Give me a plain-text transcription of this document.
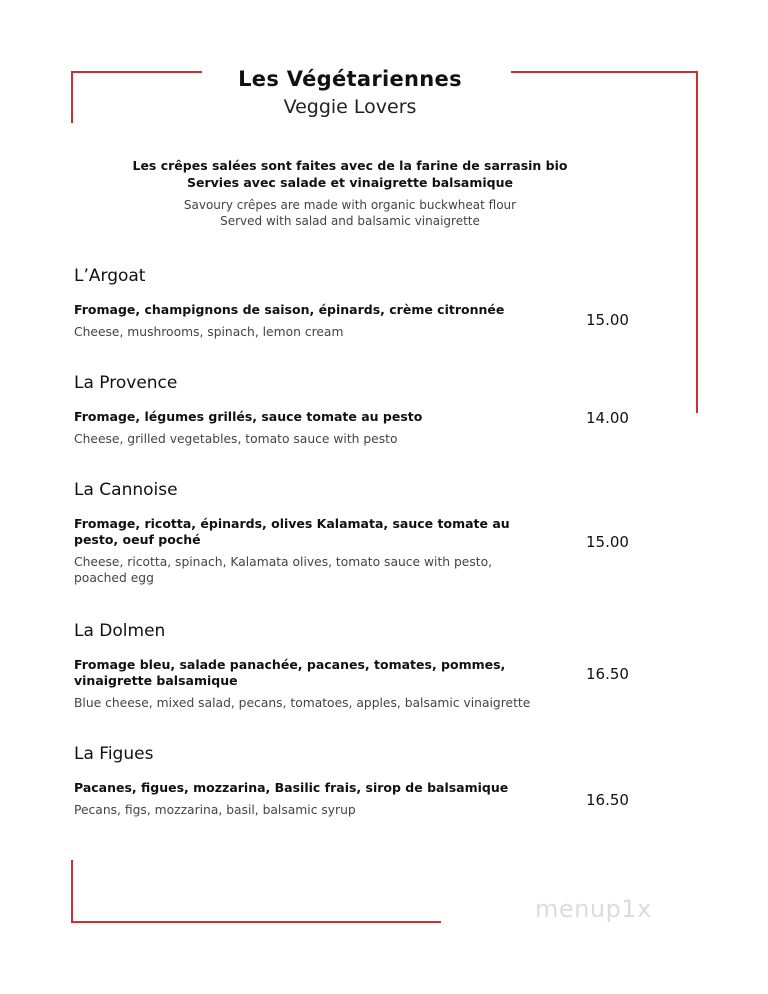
Les Végétariennes
Veggie Lovers
Les crêpes salées sont faites avec de la farine de sarrasin bio
Servies avec salade et vinaigrette balsamique
Savoury crêpes are made with organic buckwheat flour
Served with salad and balsamic vinaigrette
L’Argoat
Fromage, champignons de saison, épinards, crème citronnée
Cheese, mushrooms, spinach, lemon cream
15.00
La Provence
Fromage, légumes grillés, sauce tomate au pesto
Cheese, grilled vegetables, tomato sauce with pesto
14.00
La Cannoise
Fromage, ricotta, épinards, olives Kalamata, sauce tomate au pesto, oeuf poché
Cheese, ricotta, spinach, Kalamata olives, tomato sauce with pesto, poached egg
15.00
La Dolmen
Fromage bleu, salade panachée, pacanes, tomates, pommes, vinaigrette balsamique
Blue cheese, mixed salad, pecans, tomatoes, apples, balsamic vinaigrette
16.50
La Figues
Pacanes, figues, mozzarina, Basilic frais, sirop de balsamique
Pecans, figs, mozzarina, basil, balsamic syrup
16.50
menup1x
